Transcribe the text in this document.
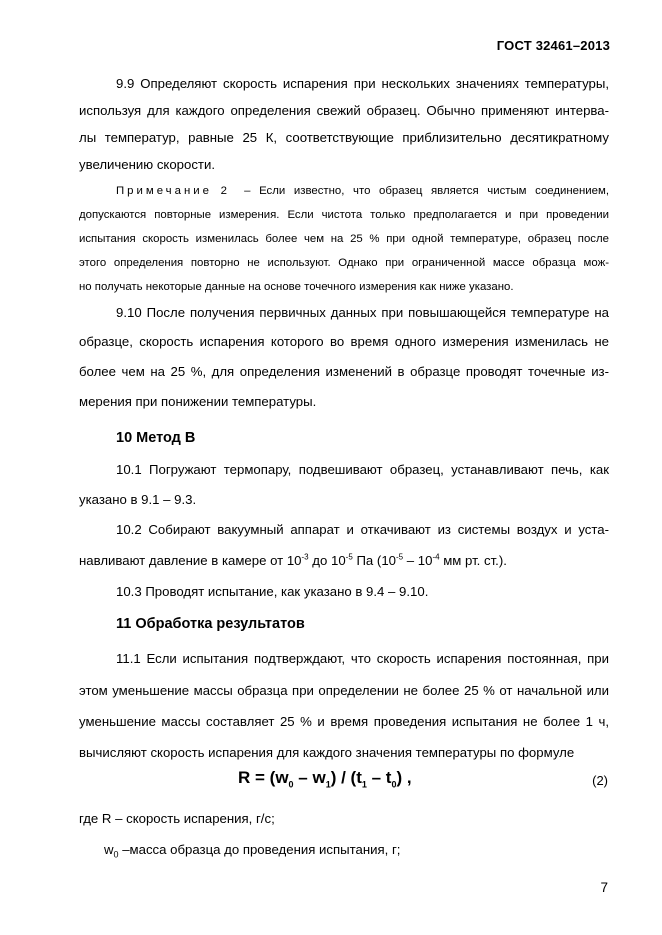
ГОСТ 32461–2013
9.9 Определяют скорость испарения при нескольких значениях температуры,
используя для каждого определения свежий образец. Обычно применяют интерва-
лы температур, равные 25 К, соответствующие приблизительно десятикратному
увеличению скорости.
Примечание 2 – Если известно, что образец является чистым соединением,
допускаются повторные измерения. Если чистота только предполагается и при проведении
испытания скорость изменилась более чем на 25 % при одной температуре, образец после
этого определения повторно не используют. Однако при ограниченной массе образца мож-
но получать некоторые данные на основе точечного измерения как ниже указано.
9.10 После получения первичных данных при повышающейся температуре на
образце, скорость испарения которого во время одного измерения изменилась не
более чем на 25 %, для определения изменений в образце проводят точечные из-
мерения при понижении температуры.
10 Метод В
10.1 Погружают термопару, подвешивают образец, устанавливают печь, как
указано в 9.1 – 9.3.
10.2 Собирают вакуумный аппарат и откачивают из системы воздух и уста-
навливают давление в камере от $10^{-3}$ до $10^{-5}$ Па ($10^{-5} - 10^{-4}$ мм рт. ст.).
10.3 Проводят испытание, как указано в 9.4 – 9.10.
11 Обработка результатов
11.1 Если испытания подтверждают, что скорость испарения постоянная, при
этом уменьшение массы образца при определении не более 25 % от начальной или
уменьшение массы составляет 25 % и время проведения испытания не более 1 ч,
вычисляют скорость испарения для каждого значения температуры по формуле
$R = (w_0 - w_1) / (t_1 - t_0)$ ,	(2)
где R – скорость испарения, г/с;
$w_0$ –масса образца до проведения испытания, г;
7
